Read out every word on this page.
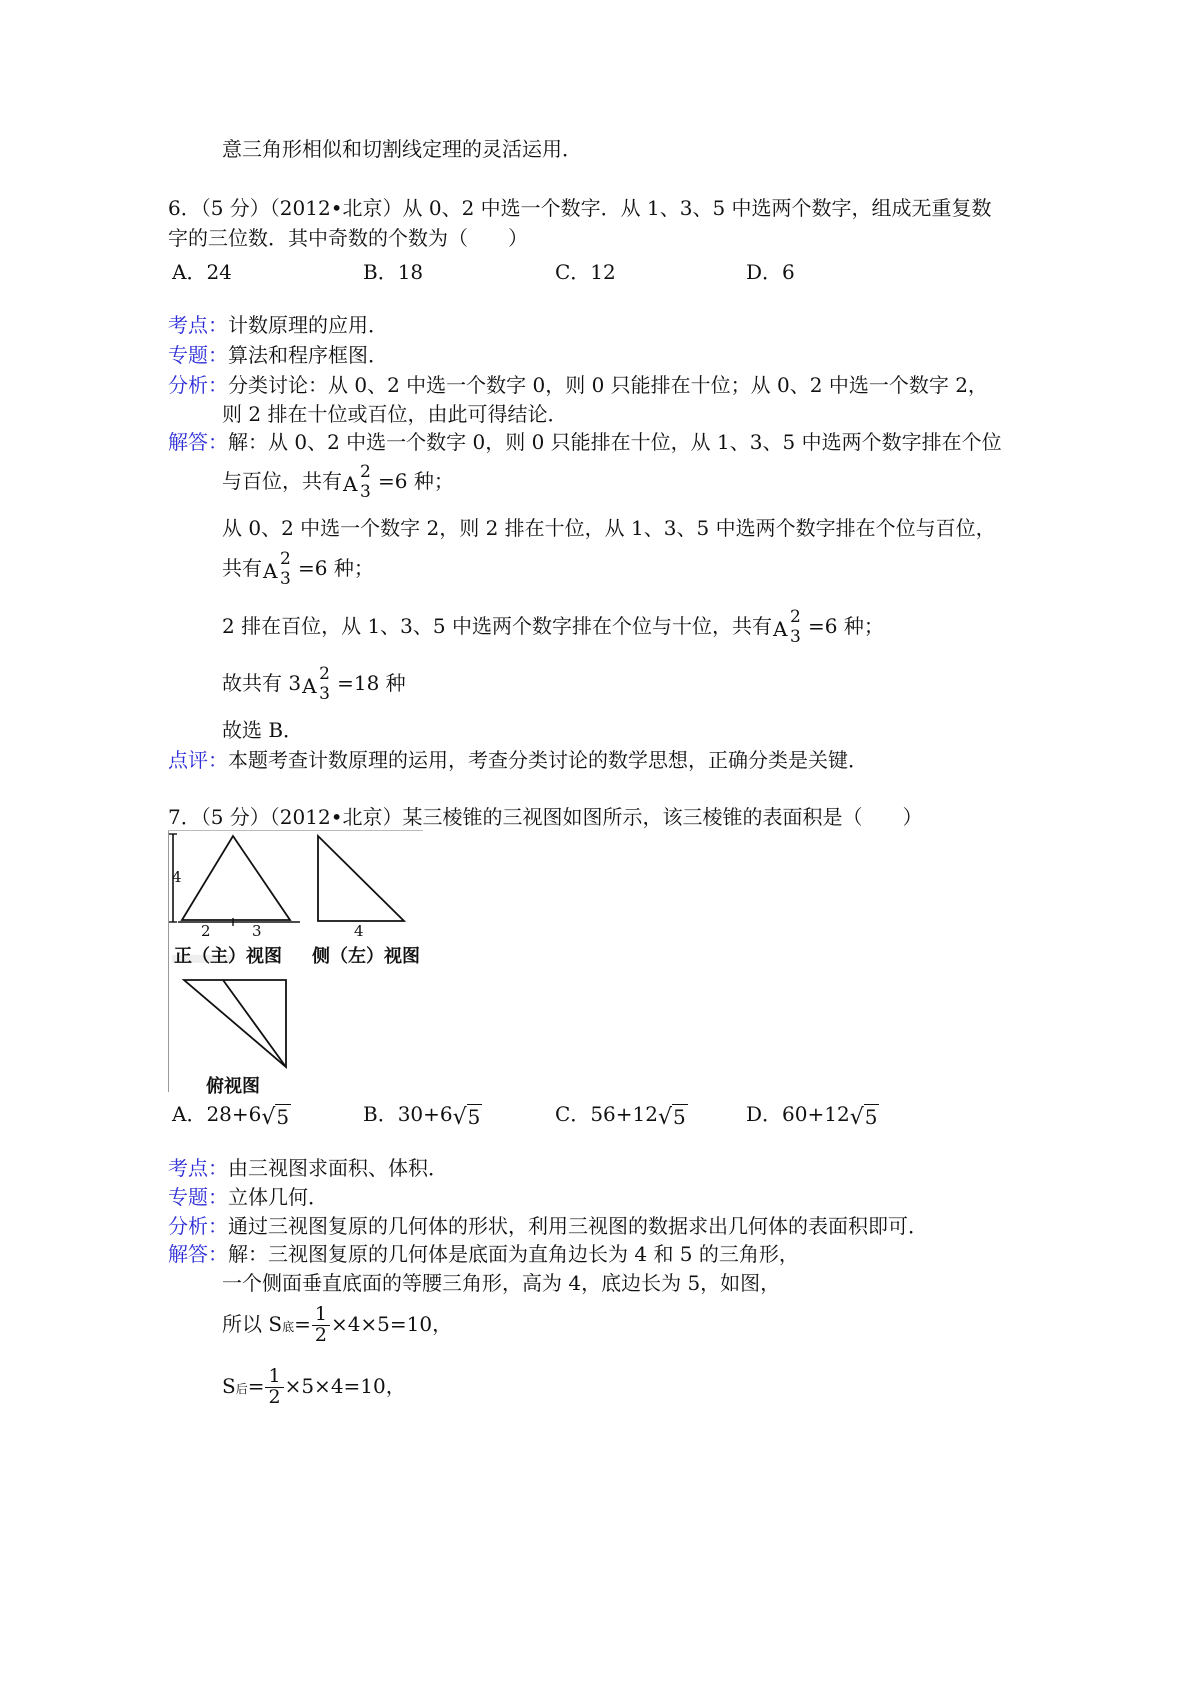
意三角形相似和切割线定理的灵活运用．
6．（5 分）（2012•北京）从 0、2 中选一个数字．从 1、3、5 中选两个数字，组成无重复数
字的三位数．其中奇数的个数为（　　）
A．24	B．18	C．12	D．6
考点：计数原理的应用．
专题：算法和程序框图．
分析：分类讨论：从 0、2 中选一个数字 0，则 0 只能排在十位；从 0、2 中选一个数字 2，
则 2 排在十位或百位，由此可得结论．
解答：解：从 0、2 中选一个数字 0，则 0 只能排在十位，从 1、3、5 中选两个数字排在个位
与百位，共有 A 2
3 =6 种；
从 0、2 中选一个数字 2，则 2 排在十位，从 1、3、5 中选两个数字排在个位与百位，
共有 A 2
3 =6 种；
2 排在百位，从 1、3、5 中选两个数字排在个位与十位，共有 A 2
3 =6 种；
故共有 3 A 2
3 =18 种
故选 B．
点评：本题考查计数原理的运用，考查分类讨论的数学思想，正确分类是关键．
7．（5 分）（2012•北京）某三棱锥的三视图如图所示，该三棱锥的表面积是（　　）
4
2	3	4
正（主）视图 侧（左）视图
俯视图
A．28+6√5	B．30+6√5	C．56+12√5	D．60+12√5
考点：由三视图求面积、体积．
专题：立体几何．
分析：通过三视图复原的几何体的形状，利用三视图的数据求出几何体的表面积即可．
解答：解：三视图复原的几何体是底面为直角边长为 4 和 5 的三角形，
一个侧面垂直底面的等腰三角形，高为 4，底边长为 5，如图，
所以 S底= $\frac{1}{2} \times 4\times 5=10$，
S后= $\frac{1}{2} \times 5\times 4=10$，
